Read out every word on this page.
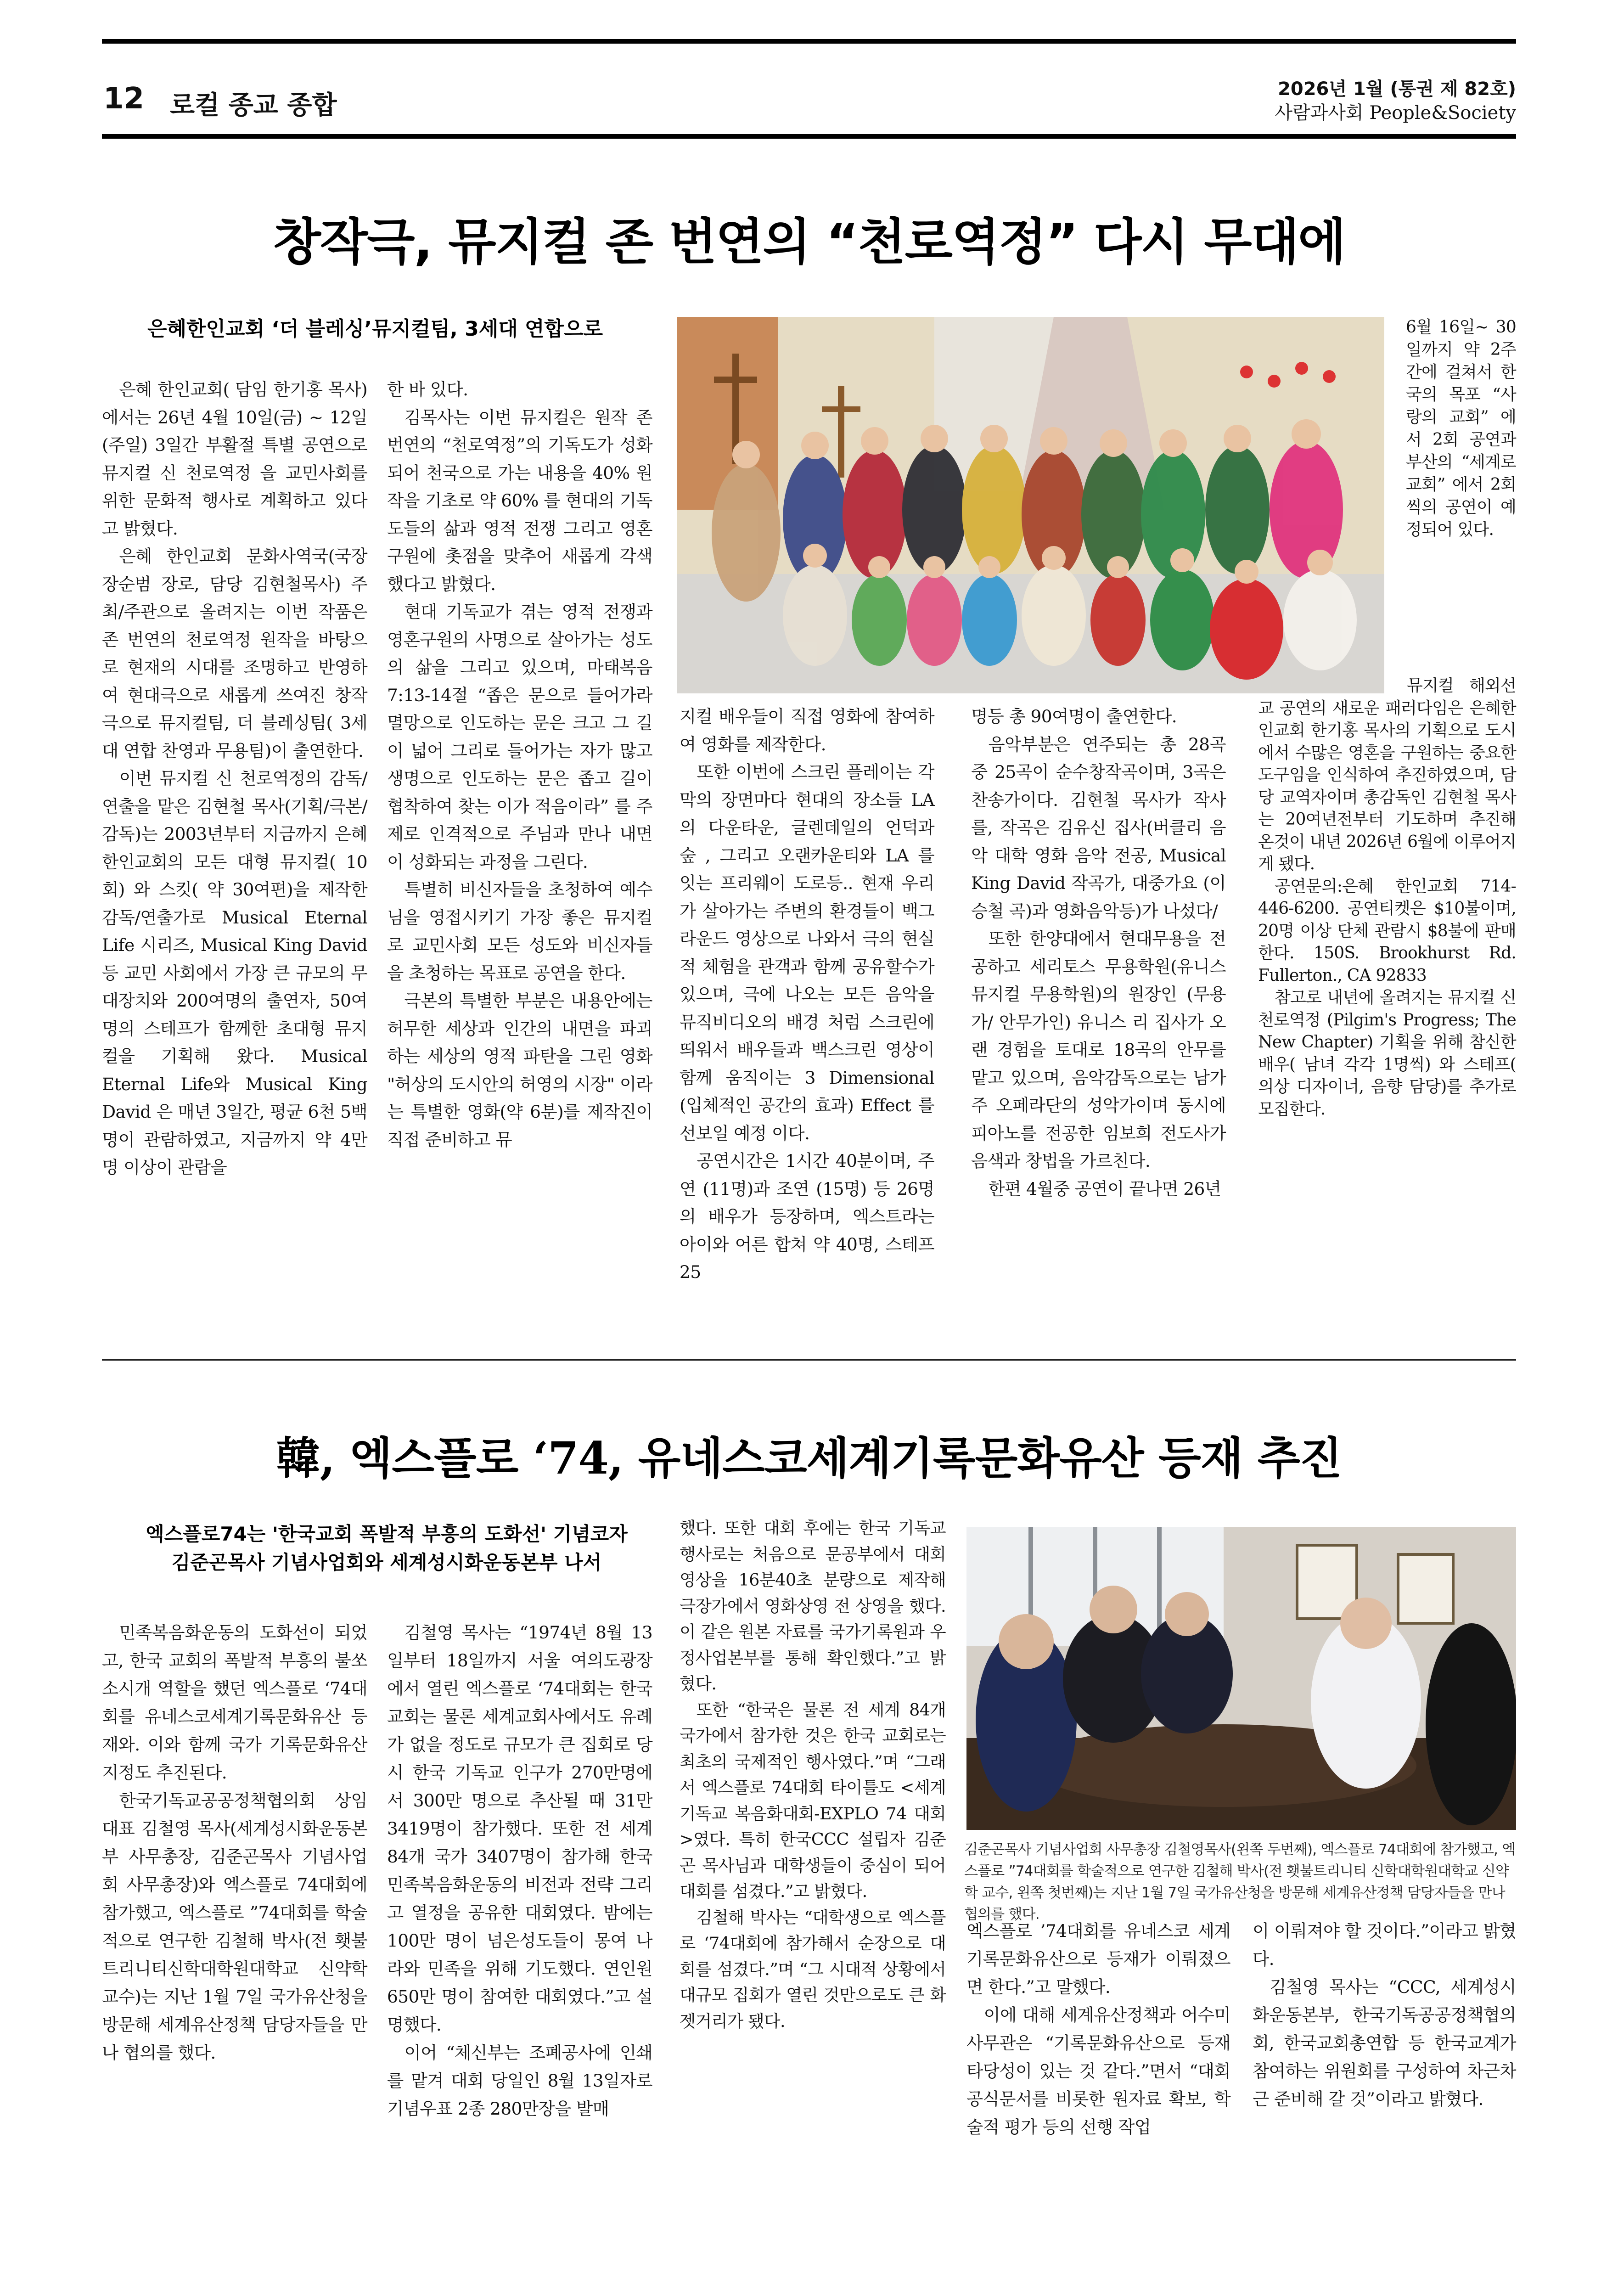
12 로컬 종교 종합
2026년 1월 (통권 제 82호)
사람과사회 People&Society
창작극, 뮤지컬 존 번연의 “천로역정” 다시 무대에
은혜한인교회 ‘더 블레싱’뮤지컬팀, 3세대 연합으로

은혜 한인교회( 담임 한기홍 목사) 에서는 26년 4월 10일(금) ~ 12일(주일) 3일간 부활절 특별 공연으로 뮤지컬 신 천로역정 을 교민사회를 위한 문화적 행사로 계획하고 있다고 밝혔다.

은혜 한인교회 문화사역국(국장 장순범 장로, 담당 김현철목사) 주최/주관으로 올려지는 이번 작품은 존 번연의 천로역정 원작을 바탕으로 현재의 시대를 조명하고 반영하여 현대극으로 새롭게 쓰여진 창작극으로 뮤지컬팀, 더 블레싱팀( 3세대 연합 찬영과 무용팀)이 출연한다.

이번 뮤지컬 신 천로역정의 감독/연출을 맡은 김현철 목사(기획/극본/감독)는 2003년부터 지금까지 은혜 한인교회의 모든 대형 뮤지컬( 10회) 와 스킷( 약 30여편)을 제작한 감독/연출가로 Musical Eternal Life 시리즈, Musical King David 등 교민 사회에서 가장 큰 규모의 무대장치와 200여명의 출연자, 50여명의 스테프가 함께한 초대형 뮤지컬을 기획해 왔다. Musical Eternal Life와 Musical King David 은 매년 3일간, 평균 6천 5백명이 관람하였고, 지금까지 약 4만명 이상이 관람을

한 바 있다.

김목사는 이번 뮤지컬은 원작 존 번연의 “천로역정”의 기독도가 성화되어 천국으로 가는 내용을 40% 원작을 기초로 약 60% 를 현대의 기독도들의 삶과 영적 전쟁 그리고 영혼구원에 촛점을 맞추어 새롭게 각색했다고 밝혔다.

현대 기독교가 겪는 영적 전쟁과 영혼구원의 사명으로 살아가는 성도의 삶을 그리고 있으며, 마태복음 7:13-14절 “좁은 문으로 들어가라 멸망으로 인도하는 문은 크고 그 길이 넓어 그리로 들어가는 자가 많고 생명으로 인도하는 문은 좁고 길이 협착하여 찾는 이가 적음이라” 를 주제로 인격적으로 주님과 만나 내면이 성화되는 과정을 그린다.

특별히 비신자들을 초청하여 예수님을 영접시키기 가장 좋은 뮤지컬로 교민사회 모든 성도와 비신자들을 초청하는 목표로 공연을 한다.

극본의 특별한 부분은 내용안에는 허무한 세상과 인간의 내면을 파괴하는 세상의 영적 파탄을 그린 영화 "허상의 도시안의 허영의 시장" 이라는 특별한 영화(약 6분)를 제작진이 직접 준비하고 뮤

지컬 배우들이 직접 영화에 참여하여 영화를 제작한다.

또한 이번에 스크린 플레이는 각 막의 장면마다 현대의 장소들 LA 의 다운타운, 글렌데일의 언덕과 숲 , 그리고 오랜카운티와 LA 를 잇는 프리웨이 도로등.. 현재 우리가 살아가는 주변의 환경들이 백그라운드 영상으로 나와서 극의 현실적 체험을 관객과 함께 공유할수가 있으며, 극에 나오는 모든 음악을 뮤직비디오의 배경 처럼 스크린에 띄워서 배우들과 백스크린 영상이 함께 움직이는 3 Dimensional (입체적인 공간의 효과) Effect 를 선보일 예정 이다.

공연시간은 1시간 40분이며, 주연 (11명)과 조연 (15명) 등 26명의 배우가 등장하며, 엑스트라는 아이와 어른 합쳐 약 40명, 스테프 25

명등 총 90여명이 출연한다.

음악부분은 연주되는 총 28곡 중 25곡이 순수창작곡이며, 3곡은 찬송가이다. 김현철 목사가 작사를, 작곡은 김유신 집사(버클리 음악 대학 영화 음악 전공, Musical King David 작곡가, 대중가요 (이승철 곡)과 영화음악등)가 나섰다/

또한 한양대에서 현대무용을 전공하고 세리토스 무용학원(유니스 뮤지컬 무용학원)의 원장인 (무용가/ 안무가인) 유니스 리 집사가 오랜 경험을 토대로 18곡의 안무를 맡고 있으며, 음악감독으로는 남가주 오페라단의 성악가이며 동시에 피아노를 전공한 임보희 전도사가 음색과 창법을 가르친다.

한편 4월중 공연이 끝나면 26년

6월 16일~ 30일까지 약 2주간에 걸쳐서 한국의 목포 “사랑의 교회” 에서 2회 공연과 부산의 “세계로 교회” 에서 2회씩의 공연이 예정되어 있다.

뮤지컬 해외선교 공연의 새로운 패러다임은 은혜한인교회 한기홍 목사의 기획으로 도시에서 수많은 영혼을 구원하는 중요한 도구임을 인식하여 추진하였으며, 담당 교역자이며 총감독인 김현철 목사는 20여년전부터 기도하며 추진해 온것이 내년 2026년 6월에 이루어지게 됐다.

공연문의:은혜 한인교회 714-446-6200. 공연티켓은 $10불이며, 20명 이상 단체 관람시 $8불에 판매한다. 150S. Brookhurst Rd. Fullerton., CA 92833

참고로 내년에 올려지는 뮤지컬 신 천로역정 (Pilgim's Progress; The New Chapter) 기획을 위해 참신한 배우( 남녀 각각 1명씩) 와 스테프( 의상 디자이너, 음향 담당)를 추가로 모집한다.

韓, 엑스플로 ‘74, 유네스코세계기록문화유산 등재 추진
엑스플로74는 '한국교회 폭발적 부흥의 도화선' 기념코자
김준곤목사 기념사업회와 세계성시화운동본부 나서
김준곤목사 기념사업회 사무총장 김철영목사(왼쪽 두번째), 엑스플로 74대회에 참가했고, 엑스플로 ”74대회를 학술적으로 연구한 김철해 박사(전 횃불트리니티 신학대학원대학교 신약학 교수, 왼쪽 첫번째)는 지난 1월 7일 국가유산청을 방문해 세계유산정책 담당자들을 만나 협의를 했다.

민족복음화운동의 도화선이 되었고, 한국 교회의 폭발적 부흥의 불쏘소시개 역할을 했던 엑스플로 ‘74대회를 유네스코세계기록문화유산 등재와. 이와 함께 국가 기록문화유산 지정도 추진된다.

한국기독교공공정책협의회 상임대표 김철영 목사(세계성시화운동본부 사무총장, 김준곤목사 기념사업회 사무총장)와 엑스플로 74대회에 참가했고, 엑스플로 ”74대회를 학술적으로 연구한 김철해 박사(전 횃불트리니티신학대학원대학교 신약학 교수)는 지난 1월 7일 국가유산청을 방문해 세계유산정책 담당자들을 만나 협의를 했다.

김철영 목사는 “1974년 8월 13일부터 18일까지 서울 여의도광장에서 열린 엑스플로 ‘74대회는 한국교회는 물론 세계교회사에서도 유례가 없을 정도로 규모가 큰 집회로 당시 한국 기독교 인구가 270만명에서 300만 명으로 추산될 때 31만3419명이 참가했다. 또한 전 세계 84개 국가 3407명이 참가해 한국 민족복음화운동의 비전과 전략 그리고 열정을 공유한 대회였다. 밤에는 100만 명이 넘은성도들이 몽여 나라와 민족을 위해 기도했다. 연인원 650만 명이 참여한 대회였다.”고 설명했다.

이어 “체신부는 조폐공사에 인쇄를 맡겨 대회 당일인 8월 13일자로 기념우표 2종 280만장을 발매

했다. 또한 대회 후에는 한국 기독교 행사로는 처음으로 문공부에서 대회 영상을 16분40초 분량으로 제작해 극장가에서 영화상영 전 상영을 했다. 이 같은 원본 자료를 국가기록원과 우정사업본부를 통해 확인했다.”고 밝혔다.

또한 “한국은 물론 전 세계 84개 국가에서 참가한 것은 한국 교회로는 최초의 국제적인 행사였다.”며 “그래서 엑스플로 74대회 타이틀도 <세계기독교 복음화대회-EXPLO 74 대회>였다. 특히 한국CCC 설립자 김준곤 목사님과 대학생들이 중심이 되어 대회를 섬겼다.”고 밝혔다.

김철해 박사는 “대학생으로 엑스플로 ‘74대회에 참가해서 순장으로 대회를 섬겼다.”며 “그 시대적 상황에서 대규모 집회가 열린 것만으로도 큰 화젯거리가 됐다.

엑스플로 ’74대회를 유네스코 세계기록문화유산으로 등재가 이뤄졌으면 한다.”고 말했다.

이에 대해 세계유산정책과 어수미 사무관은 “기록문화유산으로 등재 타당성이 있는 것 같다.”면서 “대회 공식문서를 비롯한 원자료 확보, 학술적 평가 등의 선행 작업

이 이뤄져야 할 것이다.”이라고 밝혔다.

김철영 목사는 “CCC, 세계성시화운동본부, 한국기독공공정책협의회, 한국교회총연합 등 한국교계가 참여하는 위원회를 구성하여 차근차근 준비해 갈 것”이라고 밝혔다.
